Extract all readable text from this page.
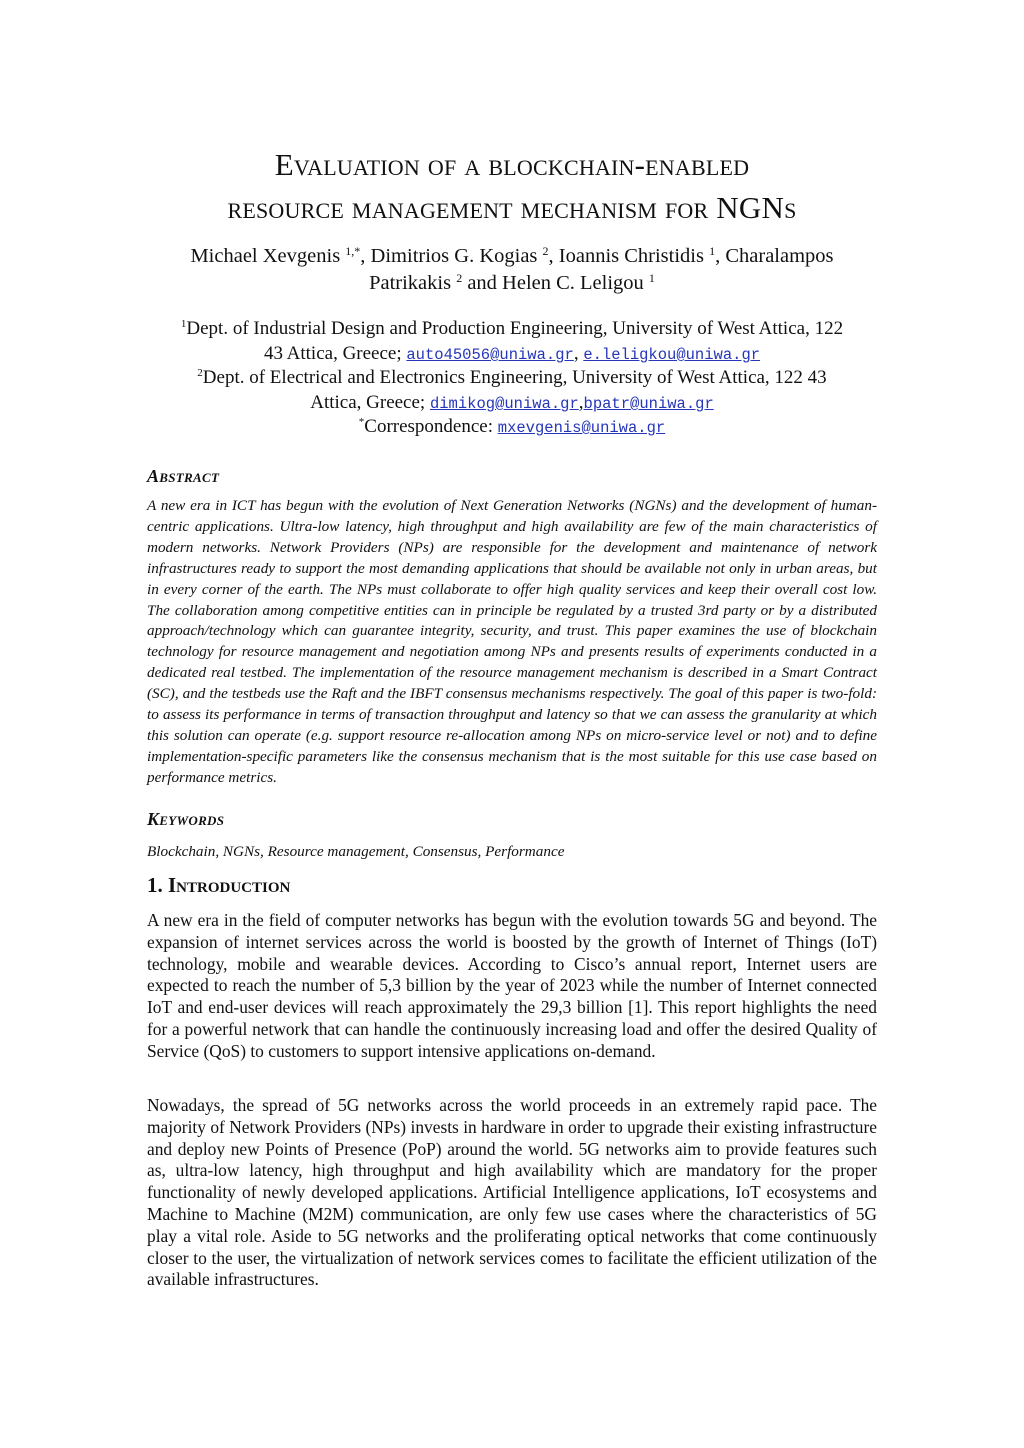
Evaluation of a blockchain-enabled
resource management mechanism for NGNs
Michael Xevgenis $^{1,*}$, Dimitrios G. Kogias $^2$, Ioannis Christidis $^1$, Charalampos
Patrikakis $^2$ and Helen C. Leligou $^1$
$^1$Dept. of Industrial Design and Production Engineering, University of West Attica, 122
43 Attica, Greece; auto45056@uniwa.gr, e.leligkou@uniwa.gr
$^2$Dept. of Electrical and Electronics Engineering, University of West Attica, 122 43
Attica, Greece; dimikog@uniwa.gr,bpatr@uniwa.gr
*Correspondence: mxevgenis@uniwa.gr
Abstract
A new era in ICT has begun with the evolution of Next Generation Networks (NGNs) and the development of human-centric applications. Ultra-low latency, high throughput and high availability are few of the main characteristics of modern networks. Network Providers (NPs) are responsible for the development and maintenance of network infrastructures ready to support the most demanding applications that should be available not only in urban areas, but in every corner of the earth. The NPs must collaborate to offer high quality services and keep their overall cost low. The collaboration among competitive entities can in principle be regulated by a trusted 3rd party or by a distributed approach/technology which can guarantee integrity, security, and trust. This paper examines the use of blockchain technology for resource management and negotiation among NPs and presents results of experiments conducted in a dedicated real testbed. The implementation of the resource management mechanism is described in a Smart Contract (SC), and the testbeds use the Raft and the IBFT consensus mechanisms respectively. The goal of this paper is two-fold: to assess its performance in terms of transaction throughput and latency so that we can assess the granularity at which this solution can operate (e.g. support resource re-allocation among NPs on micro-service level or not) and to define implementation-specific parameters like the consensus mechanism that is the most suitable for this use case based on performance metrics.
Keywords
Blockchain, NGNs, Resource management, Consensus, Performance
1. Introduction
A new era in the field of computer networks has begun with the evolution towards 5G and beyond. The expansion of internet services across the world is boosted by the growth of Internet of Things (IoT) technology, mobile and wearable devices. According to Cisco’s annual report, Internet users are expected to reach the number of 5,3 billion by the year of 2023 while the number of Internet connected IoT and end-user devices will reach approximately the 29,3 billion [1]. This report highlights the need for a powerful network that can handle the continuously increasing load and offer the desired Quality of Service (QoS) to customers to support intensive applications on-demand.
Nowadays, the spread of 5G networks across the world proceeds in an extremely rapid pace. The majority of Network Providers (NPs) invests in hardware in order to upgrade their existing infrastructure and deploy new Points of Presence (PoP) around the world. 5G networks aim to provide features such as, ultra-low latency, high throughput and high availability which are mandatory for the proper functionality of newly developed applications. Artificial Intelligence applications, IoT ecosystems and Machine to Machine (M2M) communication, are only few use cases where the characteristics of 5G play a vital role. Aside to 5G networks and the proliferating optical networks that come continuously closer to the user, the virtualization of network services comes to facilitate the efficient utilization of the available infrastructures.
